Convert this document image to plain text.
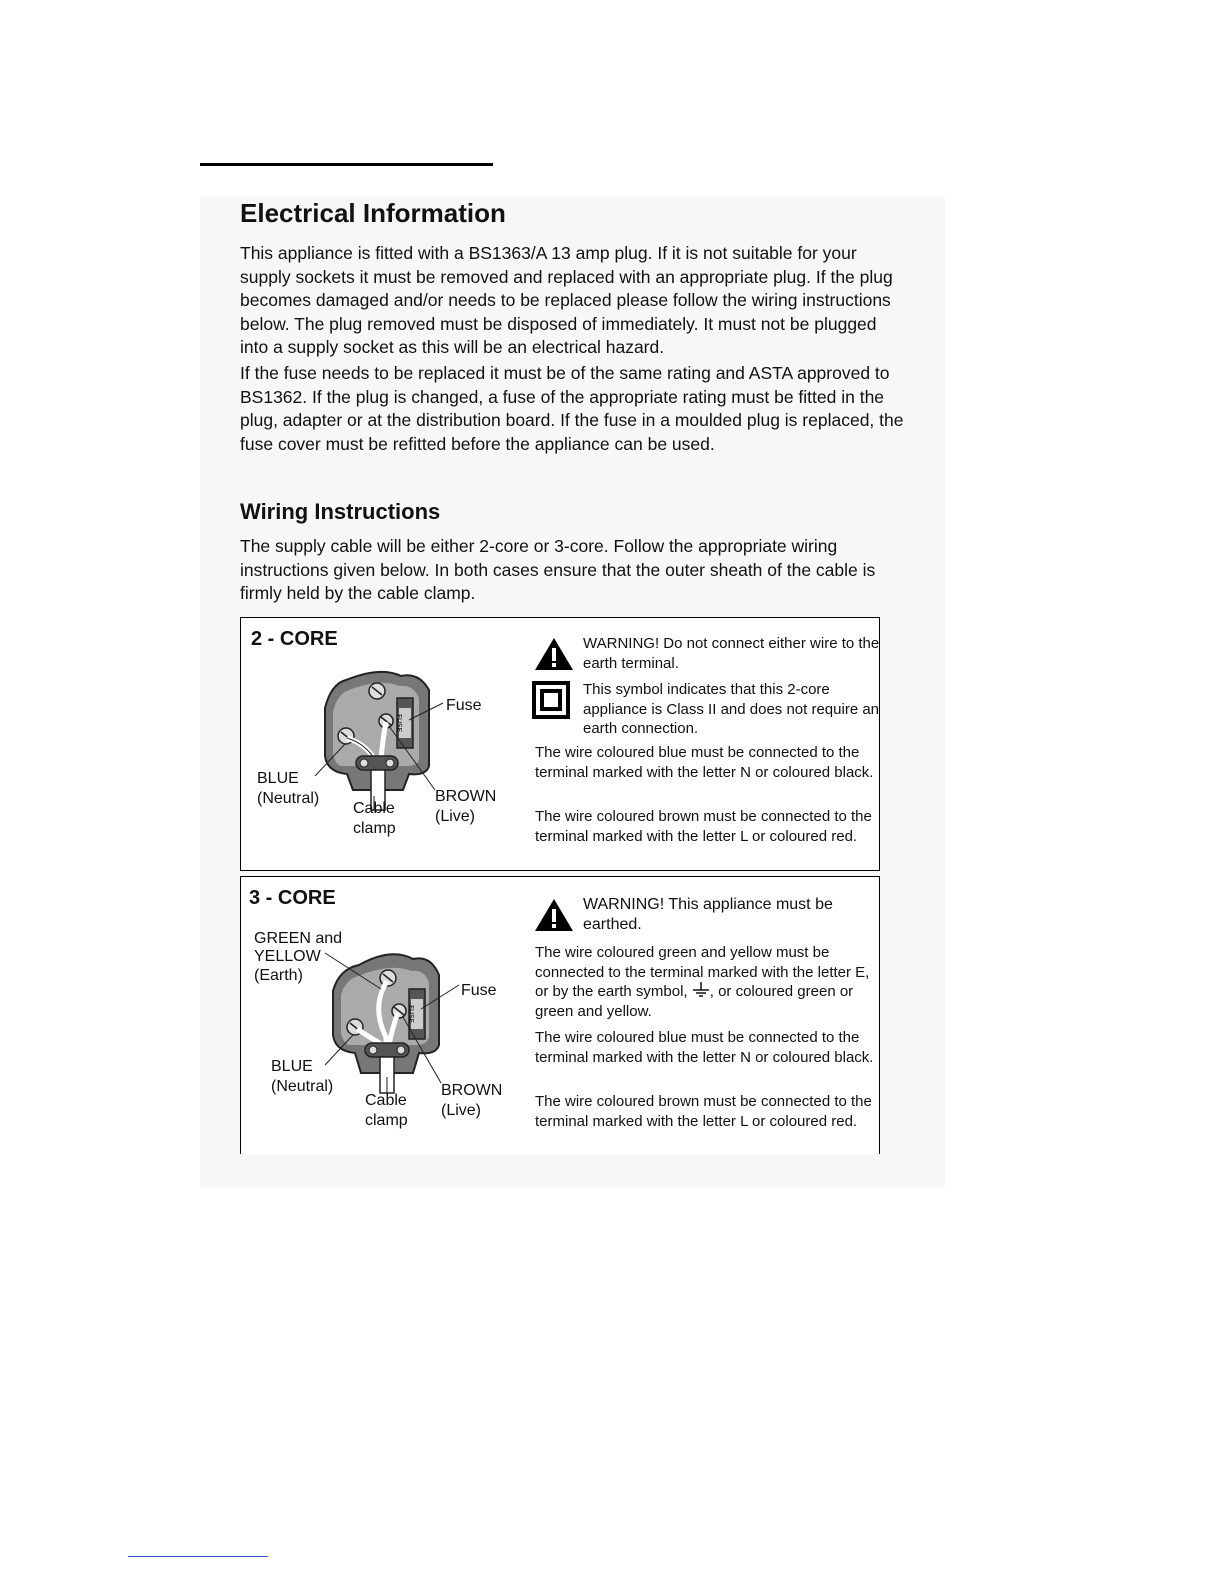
Electrical Information

This appliance is fitted with a BS1363/A 13 amp plug. If it is not suitable for your supply sockets it must be removed and replaced with an appropriate plug. If the plug becomes damaged and/or needs to be replaced please follow the wiring instructions below. The plug removed must be disposed of immediately. It must not be plugged into a supply socket as this will be an electrical hazard.

If the fuse needs to be replaced it must be of the same rating and ASTA approved to BS1362. If the plug is changed, a fuse of the appropriate rating must be fitted in the plug, adapter or at the distribution board. If the fuse in a moulded plug is replaced, the fuse cover must be refitted before the appliance can be used.

Wiring Instructions

The supply cable will be either 2-core or 3-core. Follow the appropriate wiring instructions given below. In both cases ensure that the outer sheath of the cable is firmly held by the cable clamp.

2 - CORE
FUSE
Fuse
BLUE
(Neutral)
Cable
clamp
BROWN
(Live)
WARNING! Do not connect either wire to the earth terminal.
This symbol indicates that this 2-core appliance is Class II and does not require an earth connection.
The wire coloured blue must be connected to the terminal marked with the letter N or coloured black.
The wire coloured brown must be connected to the terminal marked with the letter L or coloured red.
3 - CORE
FUSE
GREEN and
YELLOW
(Earth)
Fuse
BLUE
(Neutral)
Cable
clamp
BROWN
(Live)
WARNING! This appliance must be earthed.
The wire coloured green and yellow must be connected to the terminal marked with the letter E, or by the earth symbol, , or coloured green or green and yellow.
The wire coloured blue must be connected to the terminal marked with the letter N or coloured black.
The wire coloured brown must be connected to the terminal marked with the letter L or coloured red.
